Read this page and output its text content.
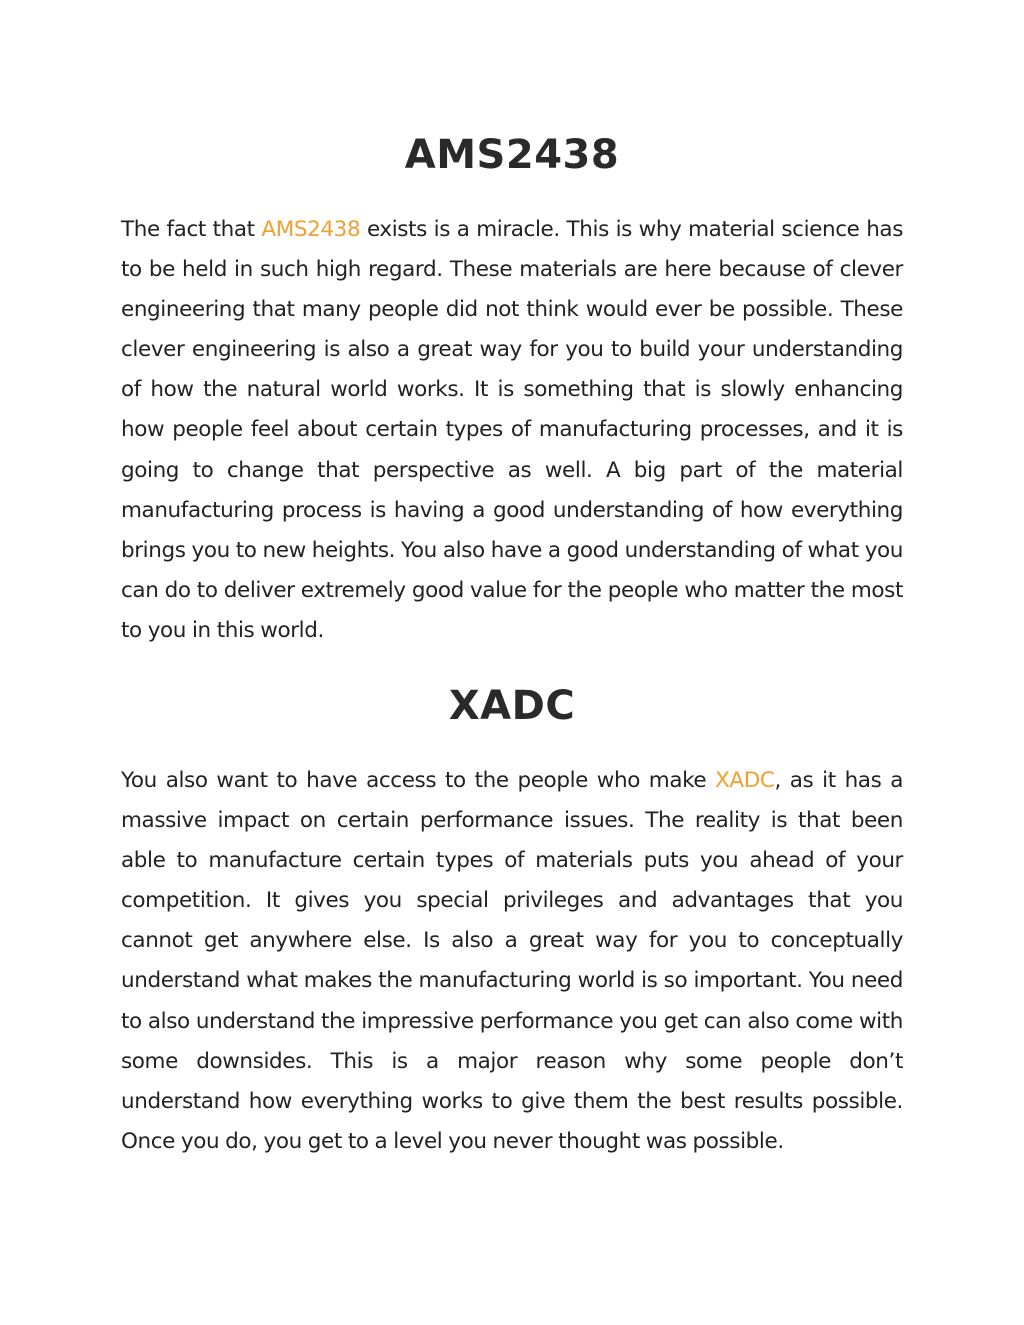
AMS2438

The fact that AMS2438 exists is a miracle. This is why material science has to be held in such high regard. These materials are here because of clever engineering that many people did not think would ever be possible. These clever engineering is also a great way for you to build your understanding of how the natural world works. It is something that is slowly enhancing how people feel about certain types of manufacturing processes, and it is going to change that perspective as well. A big part of the material manufacturing process is having a good understanding of how everything brings you to new heights. You also have a good understanding of what you can do to deliver extremely good value for the people who matter the most to you in this world.

XADC

You also want to have access to the people who make XADC, as it has a massive impact on certain performance issues. The reality is that been able to manufacture certain types of materials puts you ahead of your competition. It gives you special privileges and advantages that you cannot get anywhere else. Is also a great way for you to conceptually understand what makes the manufacturing world is so important. You need to also understand the impressive performance you get can also come with some downsides. This is a major reason why some people don’t understand how everything works to give them the best results possible. Once you do, you get to a level you never thought was possible.
